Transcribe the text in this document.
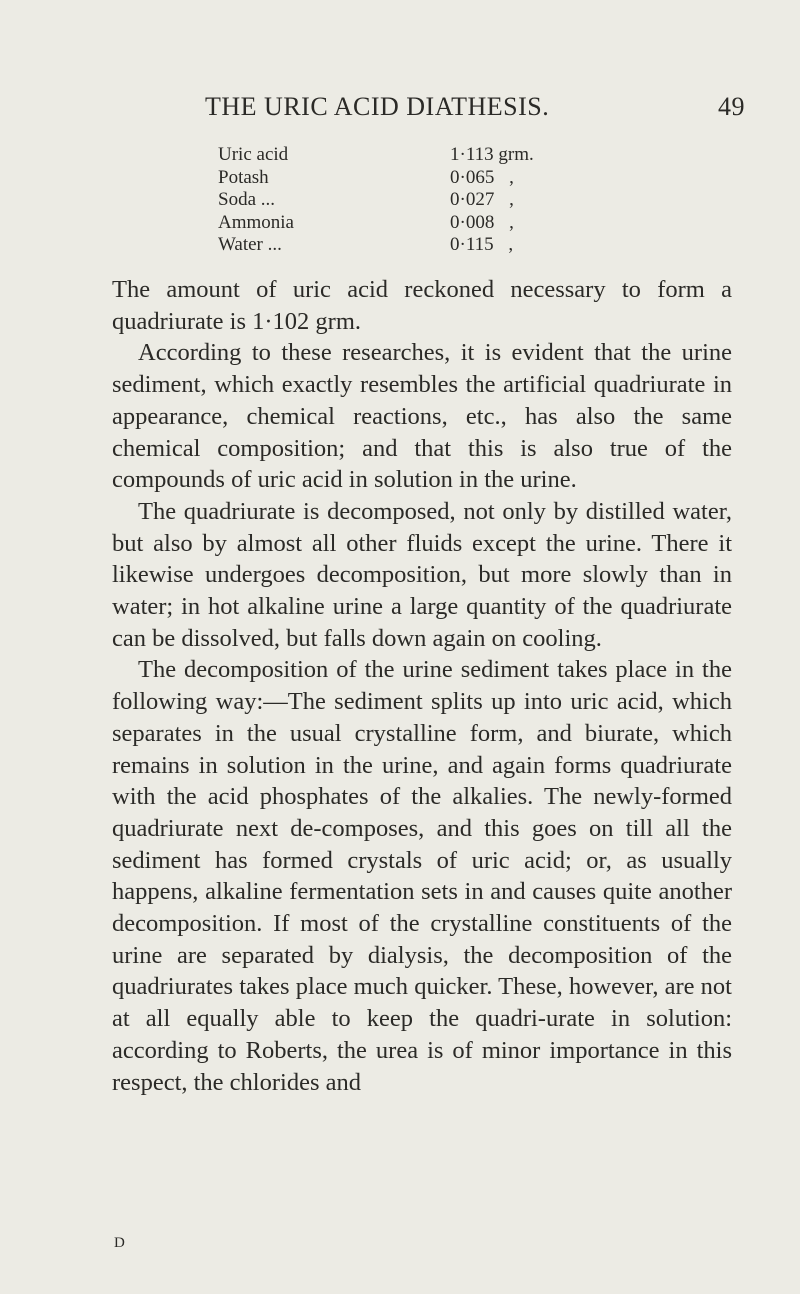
THE URIC ACID DIATHESIS.	49
Uric acid	1·113 grm.
Potash	0·065 ,
Soda ...	0·027 ,
Ammonia	0·008 ,
Water ...	0·115 ,

The amount of uric acid reckoned necessary to form a quadriurate is 1·102 grm.

According to these researches, it is evident that the urine sediment, which exactly resembles the artificial quadriurate in appearance, chemical reactions, etc., has also the same chemical composition; and that this is also true of the compounds of uric acid in solution in the urine.

The quadriurate is decomposed, not only by distilled water, but also by almost all other fluids except the urine. There it likewise undergoes decomposition, but more slowly than in water; in hot alkaline urine a large quantity of the quadriurate can be dissolved, but falls down again on cooling.

The decomposition of the urine sediment takes place in the following way:—The sediment splits up into uric acid, which separates in the usual crystalline form, and biurate, which remains in solution in the urine, and again forms quadriurate with the acid phosphates of the alkalies. The newly-formed quadriurate next de-composes, and this goes on till all the sediment has formed crystals of uric acid; or, as usually happens, alkaline fermentation sets in and causes quite another decomposition. If most of the crystalline constituents of the urine are separated by dialysis, the decomposition of the quadriurates takes place much quicker. These, however, are not at all equally able to keep the quadri-urate in solution: according to Roberts, the urea is of minor importance in this respect, the chlorides and

D
